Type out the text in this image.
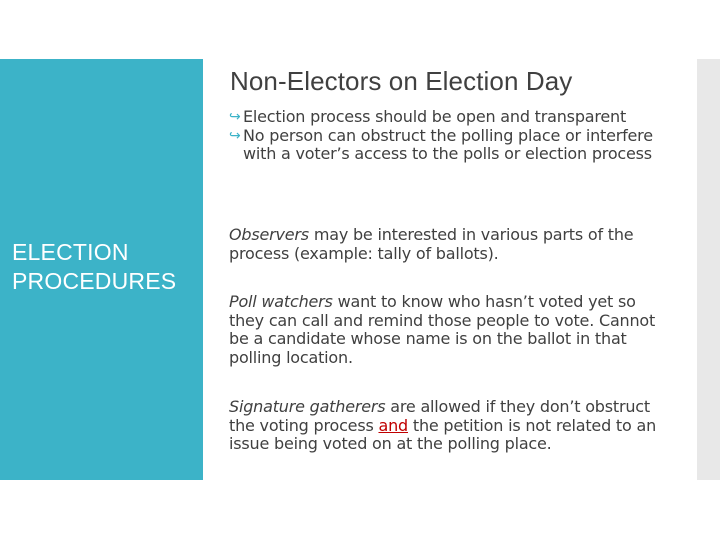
ELECTION PROCEDURES
Non-Electors on Election Day
↪ Election process should be open and transparent
↪ No person can obstruct the polling place or interfere with a voter’s access to the polls or election process
Observers may be interested in various parts of the process (example: tally of ballots).
Poll watchers want to know who hasn’t voted yet so they can call and remind those people to vote. Cannot be a candidate whose name is on the ballot in that polling location.
Signature gatherers are allowed if they don’t obstruct the voting process and the petition is not related to an issue being voted on at the polling place.
